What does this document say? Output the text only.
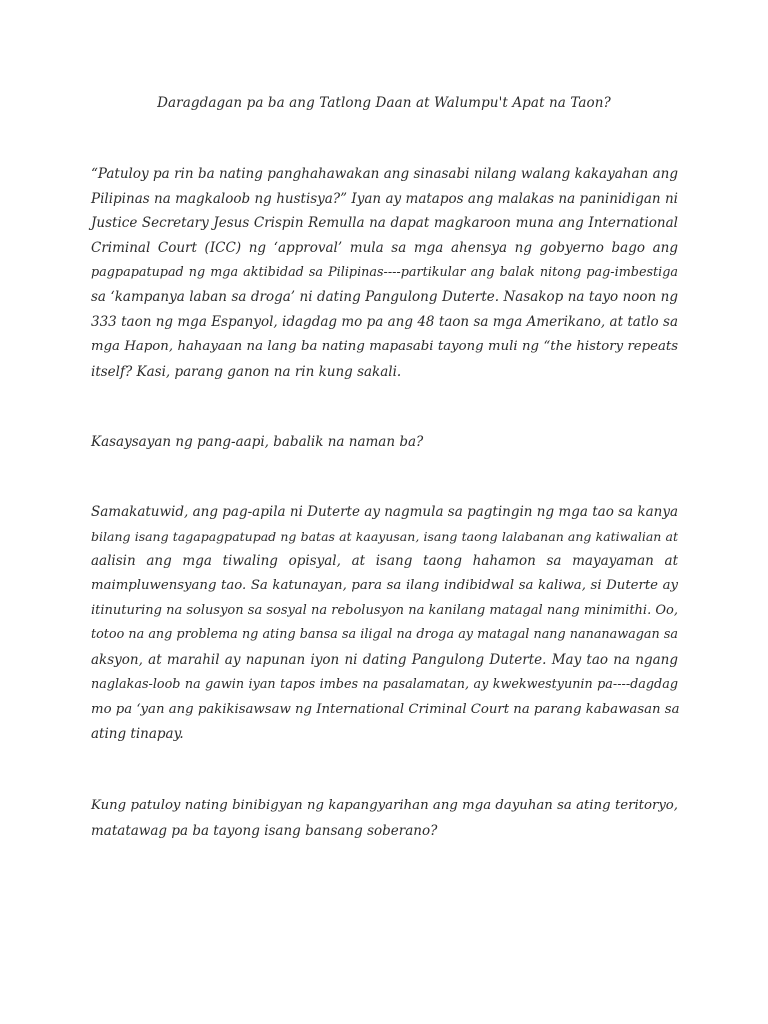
Daragdagan pa ba ang Tatlong Daan at Walumpu't Apat na Taon?
“Patuloy pa rin ba nating panghahawakan ang sinasabi nilang walang kakayahan ang
Pilipinas na magkaloob ng hustisya?” Iyan ay matapos ang malakas na paninidigan ni
Justice Secretary Jesus Crispin Remulla na dapat magkaroon muna ang International
Criminal Court (ICC) ng ‘approval’ mula sa mga ahensya ng gobyerno bago ang
pagpapatupad ng mga aktibidad sa Pilipinas----partikular ang balak nitong pag-imbestiga
sa ‘kampanya laban sa droga’ ni dating Pangulong Duterte. Nasakop na tayo noon ng
333 taon ng mga Espanyol, idagdag mo pa ang 48 taon sa mga Amerikano, at tatlo sa
mga Hapon, hahayaan na lang ba nating mapasabi tayong muli ng “the history repeats
itself? Kasi, parang ganon na rin kung sakali.
Kasaysayan ng pang-aapi, babalik na naman ba?
Samakatuwid, ang pag-apila ni Duterte ay nagmula sa pagtingin ng mga tao sa kanya
bilang isang tagapagpatupad ng batas at kaayusan, isang taong lalabanan ang katiwalian at
aalisin ang mga tiwaling opisyal, at isang taong hahamon sa mayayaman at
maimpluwensyang tao. Sa katunayan, para sa ilang indibidwal sa kaliwa, si Duterte ay
itinuturing na solusyon sa sosyal na rebolusyon na kanilang matagal nang minimithi. Oo,
totoo na ang problema ng ating bansa sa iligal na droga ay matagal nang nananawagan sa
aksyon, at marahil ay napunan iyon ni dating Pangulong Duterte. May tao na ngang
naglakas-loob na gawin iyan tapos imbes na pasalamatan, ay kwekwestyunin pa----dagdag
mo pa ‘yan ang pakikisawsaw ng International Criminal Court na parang kabawasan sa
ating tinapay.
Kung patuloy nating binibigyan ng kapangyarihan ang mga dayuhan sa ating teritoryo,
matatawag pa ba tayong isang bansang soberano?
